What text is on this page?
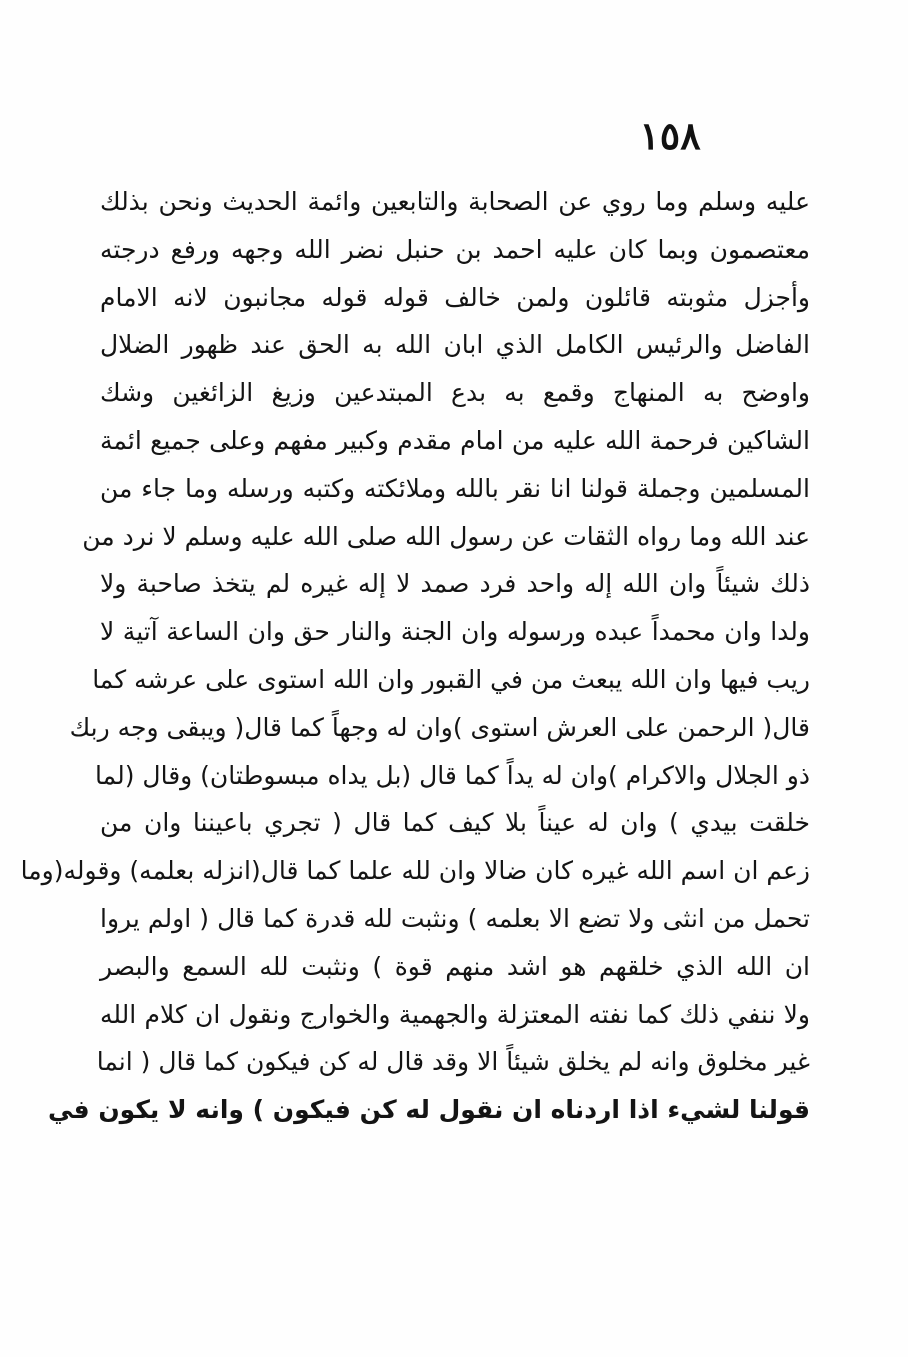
١٥٨
عليه وسلم وما روي عن الصحابة والتابعين وائمة الحديث ونحن بذلك
معتصمون وبما كان عليه احمد بن حنبل نضر الله وجهه ورفع درجته
وأجزل مثوبته قائلون ولمن خالف قوله قوله مجانبون لانه الامام
الفاضل والرئيس الكامل الذي ابان الله به الحق عند ظهور الضلال
واوضح به المنهاج وقمع به بدع المبتدعين وزيغ الزائغين وشك
الشاكين فرحمة الله عليه من امام مقدم وكبير مفهم وعلى جميع ائمة
المسلمين وجملة قولنا انا نقر بالله وملائكته وكتبه ورسله وما جاء من
عند الله وما رواه الثقات عن رسول الله صلى الله عليه وسلم لا نرد من
ذلك شيئاً وان الله إله واحد فرد صمد لا إله غيره لم يتخذ صاحبة ولا
ولدا وان محمداً عبده ورسوله وان الجنة والنار حق وان الساعة آتية لا
ريب فيها وان الله يبعث من في القبور وان الله استوى على عرشه كما
قال( الرحمن على العرش استوى )وان له وجهاً كما قال( ويبقى وجه ربك
ذو الجلال والاكرام )وان له يداً كما قال (بل يداه مبسوطتان) وقال (لما
خلقت بيدي ) وان له عيناً بلا كيف كما قال ( تجري باعيننا وان من
زعم ان اسم الله غيره كان ضالا وان لله علما كما قال(انزله بعلمه) وقوله(وما
تحمل من انثى ولا تضع الا بعلمه ) ونثبت لله قدرة كما قال ( اولم يروا
ان الله الذي خلقهم هو اشد منهم قوة ) ونثبت لله السمع والبصر
ولا ننفي ذلك كما نفته المعتزلة والجهمية والخوارج ونقول ان كلام الله
غير مخلوق وانه لم يخلق شيئاً الا وقد قال له كن فيكون كما قال ( انما
قولنا لشيء اذا اردناه ان نقول له كن فيكون ) وانه لا يكون في
